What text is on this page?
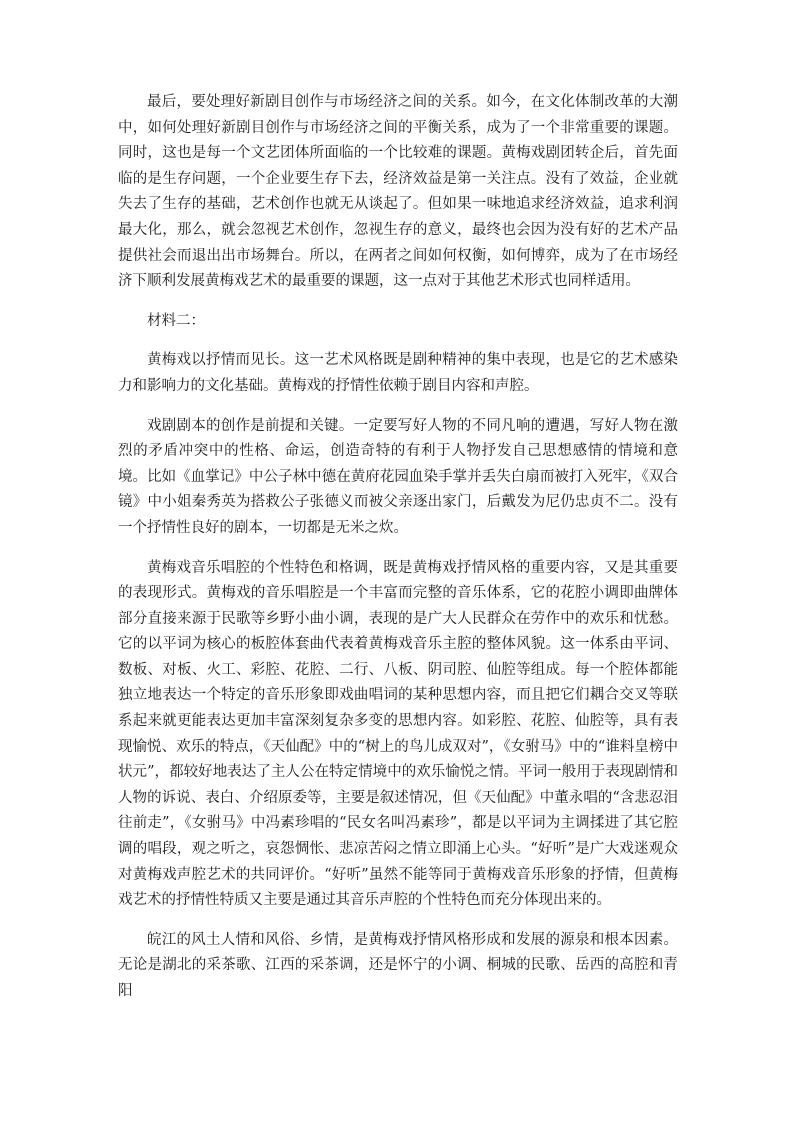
最后，要处理好新剧目创作与市场经济之间的关系。如今，在文化体制改革的大潮中，如何处理好新剧目创作与市场经济之间的平衡关系，成为了一个非常重要的课题。同时，这也是每一个文艺团体所面临的一个比较难的课题。黄梅戏剧团转企后，首先面临的是生存问题，一个企业要生存下去，经济效益是第一关注点。没有了效益，企业就失去了生存的基础，艺术创作也就无从谈起了。但如果一味地追求经济效益，追求利润最大化，那么，就会忽视艺术创作，忽视生存的意义，最终也会因为没有好的艺术产品提供社会而退出出市场舞台。所以，在两者之间如何权衡，如何博弈，成为了在市场经济下顺利发展黄梅戏艺术的最重要的课题，这一点对于其他艺术形式也同样适用。

材料二：

黄梅戏以抒情而见长。这一艺术风格既是剧种精神的集中表现，也是它的艺术感染力和影响力的文化基础。黄梅戏的抒情性依赖于剧目内容和声腔。

戏剧剧本的创作是前提和关键。一定要写好人物的不同凡响的遭遇，写好人物在激烈的矛盾冲突中的性格、命运，创造奇特的有利于人物抒发自己思想感情的情境和意境。比如《血掌记》中公子林中德在黄府花园血染手掌并丢失白扇而被打入死牢，《双合镜》中小姐秦秀英为搭救公子张德义而被父亲逐出家门，后戴发为尼仍忠贞不二。没有一个抒情性良好的剧本，一切都是无米之炊。

黄梅戏音乐唱腔的个性特色和格调，既是黄梅戏抒情风格的重要内容，又是其重要的表现形式。黄梅戏的音乐唱腔是一个丰富而完整的音乐体系，它的花腔小调即曲牌体部分直接来源于民歌等乡野小曲小调，表现的是广大人民群众在劳作中的欢乐和忧愁。它的以平词为核心的板腔体套曲代表着黄梅戏音乐主腔的整体风貌。这一体系由平词、数板、对板、火工、彩腔、花腔、二行、八板、阴司腔、仙腔等组成。每一个腔体都能独立地表达一个特定的音乐形象即戏曲唱词的某种思想内容，而且把它们耦合交叉等联系起来就更能表达更加丰富深刻复杂多变的思想内容。如彩腔、花腔、仙腔等，具有表现愉悦、欢乐的特点，《天仙配》中的“树上的鸟儿成双对”，《女驸马》中的“谁料皇榜中状元”，都较好地表达了主人公在特定情境中的欢乐愉悦之情。平词一般用于表现剧情和人物的诉说、表白、介绍原委等，主要是叙述情况，但《天仙配》中董永唱的“含悲忍泪往前走”，《女驸马》中冯素珍唱的“民女名叫冯素珍”，都是以平词为主调揉进了其它腔调的唱段，观之听之，哀怨惆怅、悲凉苦闷之情立即涌上心头。“好听”是广大戏迷观众对黄梅戏声腔艺术的共同评价。“好听”虽然不能等同于黄梅戏音乐形象的抒情，但黄梅戏艺术的抒情性特质又主要是通过其音乐声腔的个性特色而充分体现出来的。

皖江的风土人情和风俗、乡情，是黄梅戏抒情风格形成和发展的源泉和根本因素。无论是湖北的采茶歌、江西的采茶调，还是怀宁的小调、桐城的民歌、岳西的高腔和青阳
